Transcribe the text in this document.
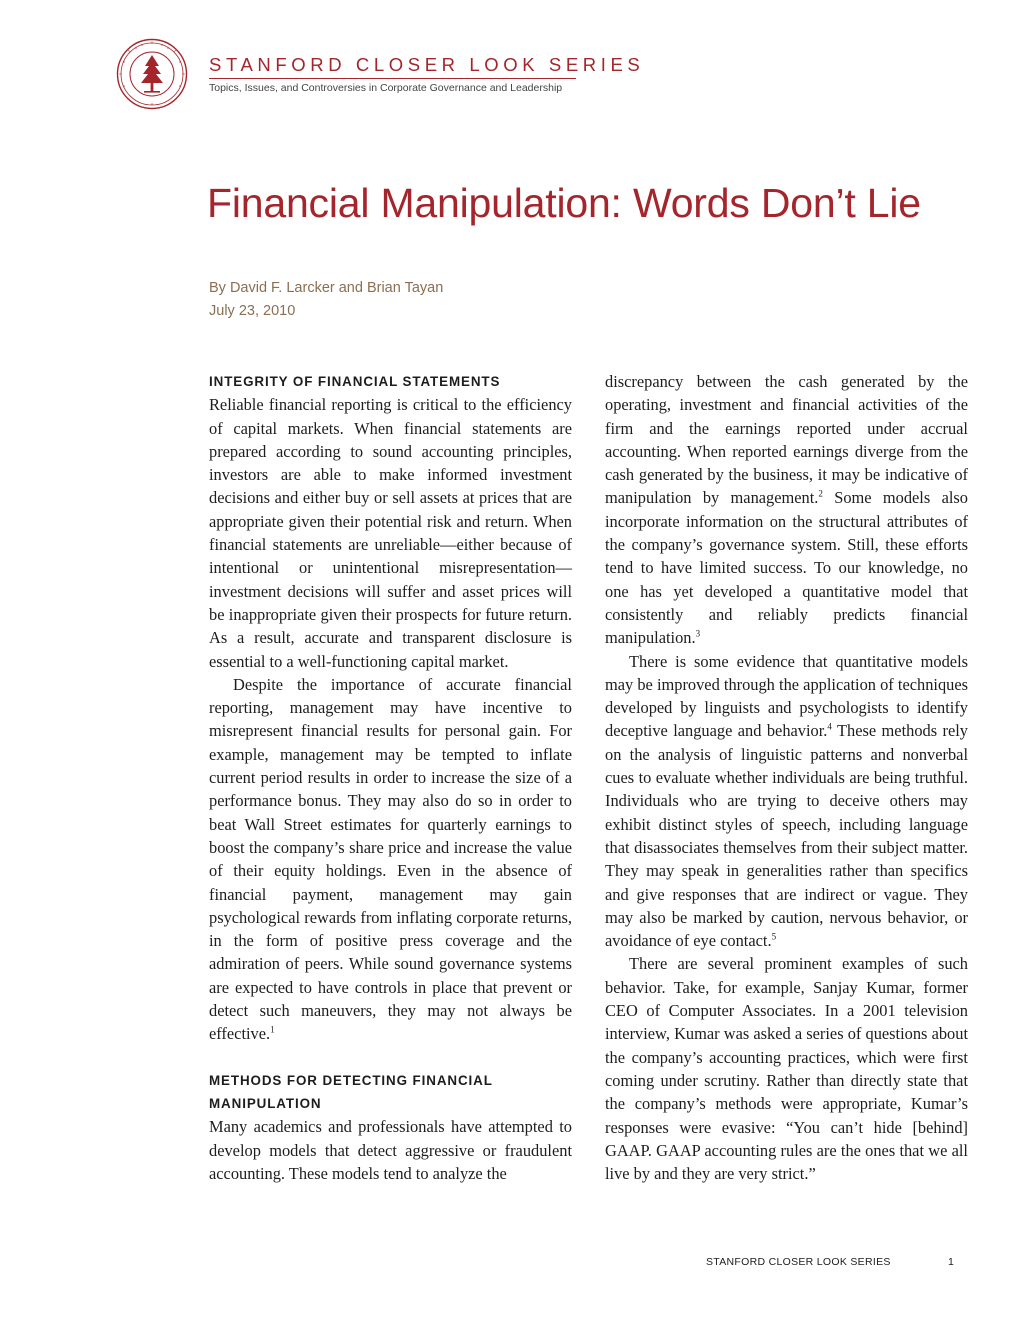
STANFORD CLOSER LOOK SERIES
Topics, Issues, and Controversies in Corporate Governance and Leadership
Financial Manipulation: Words Don’t Lie
By David F. Larcker and Brian Tayan
July 23, 2010
INTEGRITY OF FINANCIAL STATEMENTS

Reliable financial reporting is critical to the efficiency of capital markets. When financial statements are prepared according to sound accounting principles, investors are able to make informed investment decisions and either buy or sell assets at prices that are appropriate given their potential risk and return. When financial statements are unreliable—either because of intentional or unintentional misrepresentation—investment decisions will suffer and asset prices will be inappropriate given their prospects for future return. As a result, accurate and transparent disclosure is essential to a well-functioning capital market.

Despite the importance of accurate financial reporting, management may have incentive to misrepresent financial results for personal gain. For example, management may be tempted to inflate current period results in order to increase the size of a performance bonus. They may also do so in order to beat Wall Street estimates for quarterly earnings to boost the company’s share price and increase the value of their equity holdings. Even in the absence of financial payment, management may gain psychological rewards from inflating corporate returns, in the form of positive press coverage and the admiration of peers. While sound governance systems are expected to have controls in place that prevent or detect such maneuvers, they may not always be effective.$^1$

METHODS FOR DETECTING FINANCIAL MANIPULATION

Many academics and professionals have attempted to develop models that detect aggressive or fraudulent accounting. These models tend to analyze the

discrepancy between the cash generated by the operating, investment and financial activities of the firm and the earnings reported under accrual accounting. When reported earnings diverge from the cash generated by the business, it may be indicative of manipulation by management.$^2$ Some models also incorporate information on the structural attributes of the company’s governance system. Still, these efforts tend to have limited success. To our knowledge, no one has yet developed a quantitative model that consistently and reliably predicts financial manipulation.$^3$

There is some evidence that quantitative models may be improved through the application of techniques developed by linguists and psychologists to identify deceptive language and behavior.$^4$ These methods rely on the analysis of linguistic patterns and nonverbal cues to evaluate whether individuals are being truthful. Individuals who are trying to deceive others may exhibit distinct styles of speech, including language that disassociates themselves from their subject matter. They may speak in generalities rather than specifics and give responses that are indirect or vague. They may also be marked by caution, nervous behavior, or avoidance of eye contact.$^5$

There are several prominent examples of such behavior. Take, for example, Sanjay Kumar, former CEO of Computer Associates. In a 2001 television interview, Kumar was asked a series of questions about the company’s accounting practices, which were first coming under scrutiny. Rather than directly state that the company’s methods were appropriate, Kumar’s responses were evasive: “You can’t hide [behind] GAAP. GAAP accounting rules are the ones that we all live by and they are very strict.”

STANFORD CLOSER LOOK SERIES	1
